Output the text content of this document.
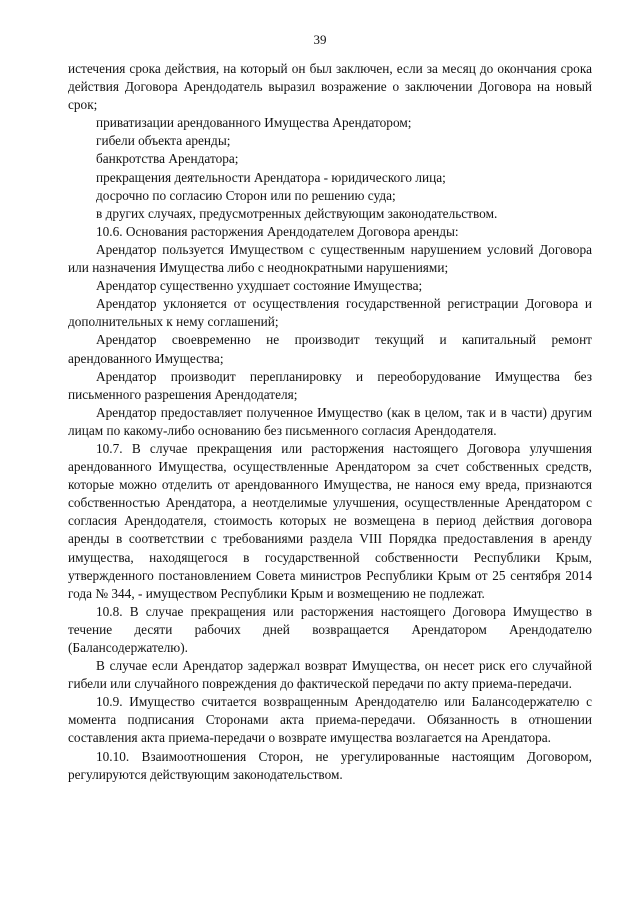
39

истечения срока действия, на который он был заключен, если за месяц до окончания срока действия Договора Арендодатель выразил возражение о заключении Договора на новый срок;

приватизации арендованного Имущества Арендатором;

гибели объекта аренды;

банкротства Арендатора;

прекращения деятельности Арендатора - юридического лица;

досрочно по согласию Сторон или по решению суда;

в других случаях, предусмотренных действующим законодательством.

10.6. Основания расторжения Арендодателем Договора аренды:

Арендатор пользуется Имуществом с существенным нарушением условий Договора или назначения Имущества либо с неоднократными нарушениями;

Арендатор существенно ухудшает состояние Имущества;

Арендатор уклоняется от осуществления государственной регистрации Договора и дополнительных к нему соглашений;

Арендатор своевременно не производит текущий и капитальный ремонт арендованного Имущества;

Арендатор производит перепланировку и переоборудование Имущества без письменного разрешения Арендодателя;

Арендатор предоставляет полученное Имущество (как в целом, так и в части) другим лицам по какому-либо основанию без письменного согласия Арендодателя.

10.7. В случае прекращения или расторжения настоящего Договора улучшения арендованного Имущества, осуществленные Арендатором за счет собственных средств, которые можно отделить от арендованного Имущества, не нанося ему вреда, признаются собственностью Арендатора, а неотделимые улучшения, осуществленные Арендатором с согласия Арендодателя, стоимость которых не возмещена в период действия договора аренды в соответствии с требованиями раздела VIII Порядка предоставления в аренду имущества, находящегося в государственной собственности Республики Крым, утвержденного постановлением Совета министров Республики Крым от 25 сентября 2014 года № 344, - имуществом Республики Крым и возмещению не подлежат.

10.8. В случае прекращения или расторжения настоящего Договора Имущество в течение десяти рабочих дней возвращается Арендатором Арендодателю (Балансодержателю).

В случае если Арендатор задержал возврат Имущества, он несет риск его случайной гибели или случайного повреждения до фактической передачи по акту приема-передачи.

10.9. Имущество считается возвращенным Арендодателю или Балансодержателю с момента подписания Сторонами акта приема-передачи. Обязанность в отношении составления акта приема-передачи о возврате имущества возлагается на Арендатора.

10.10. Взаимоотношения Сторон, не урегулированные настоящим Договором, регулируются действующим законодательством.
